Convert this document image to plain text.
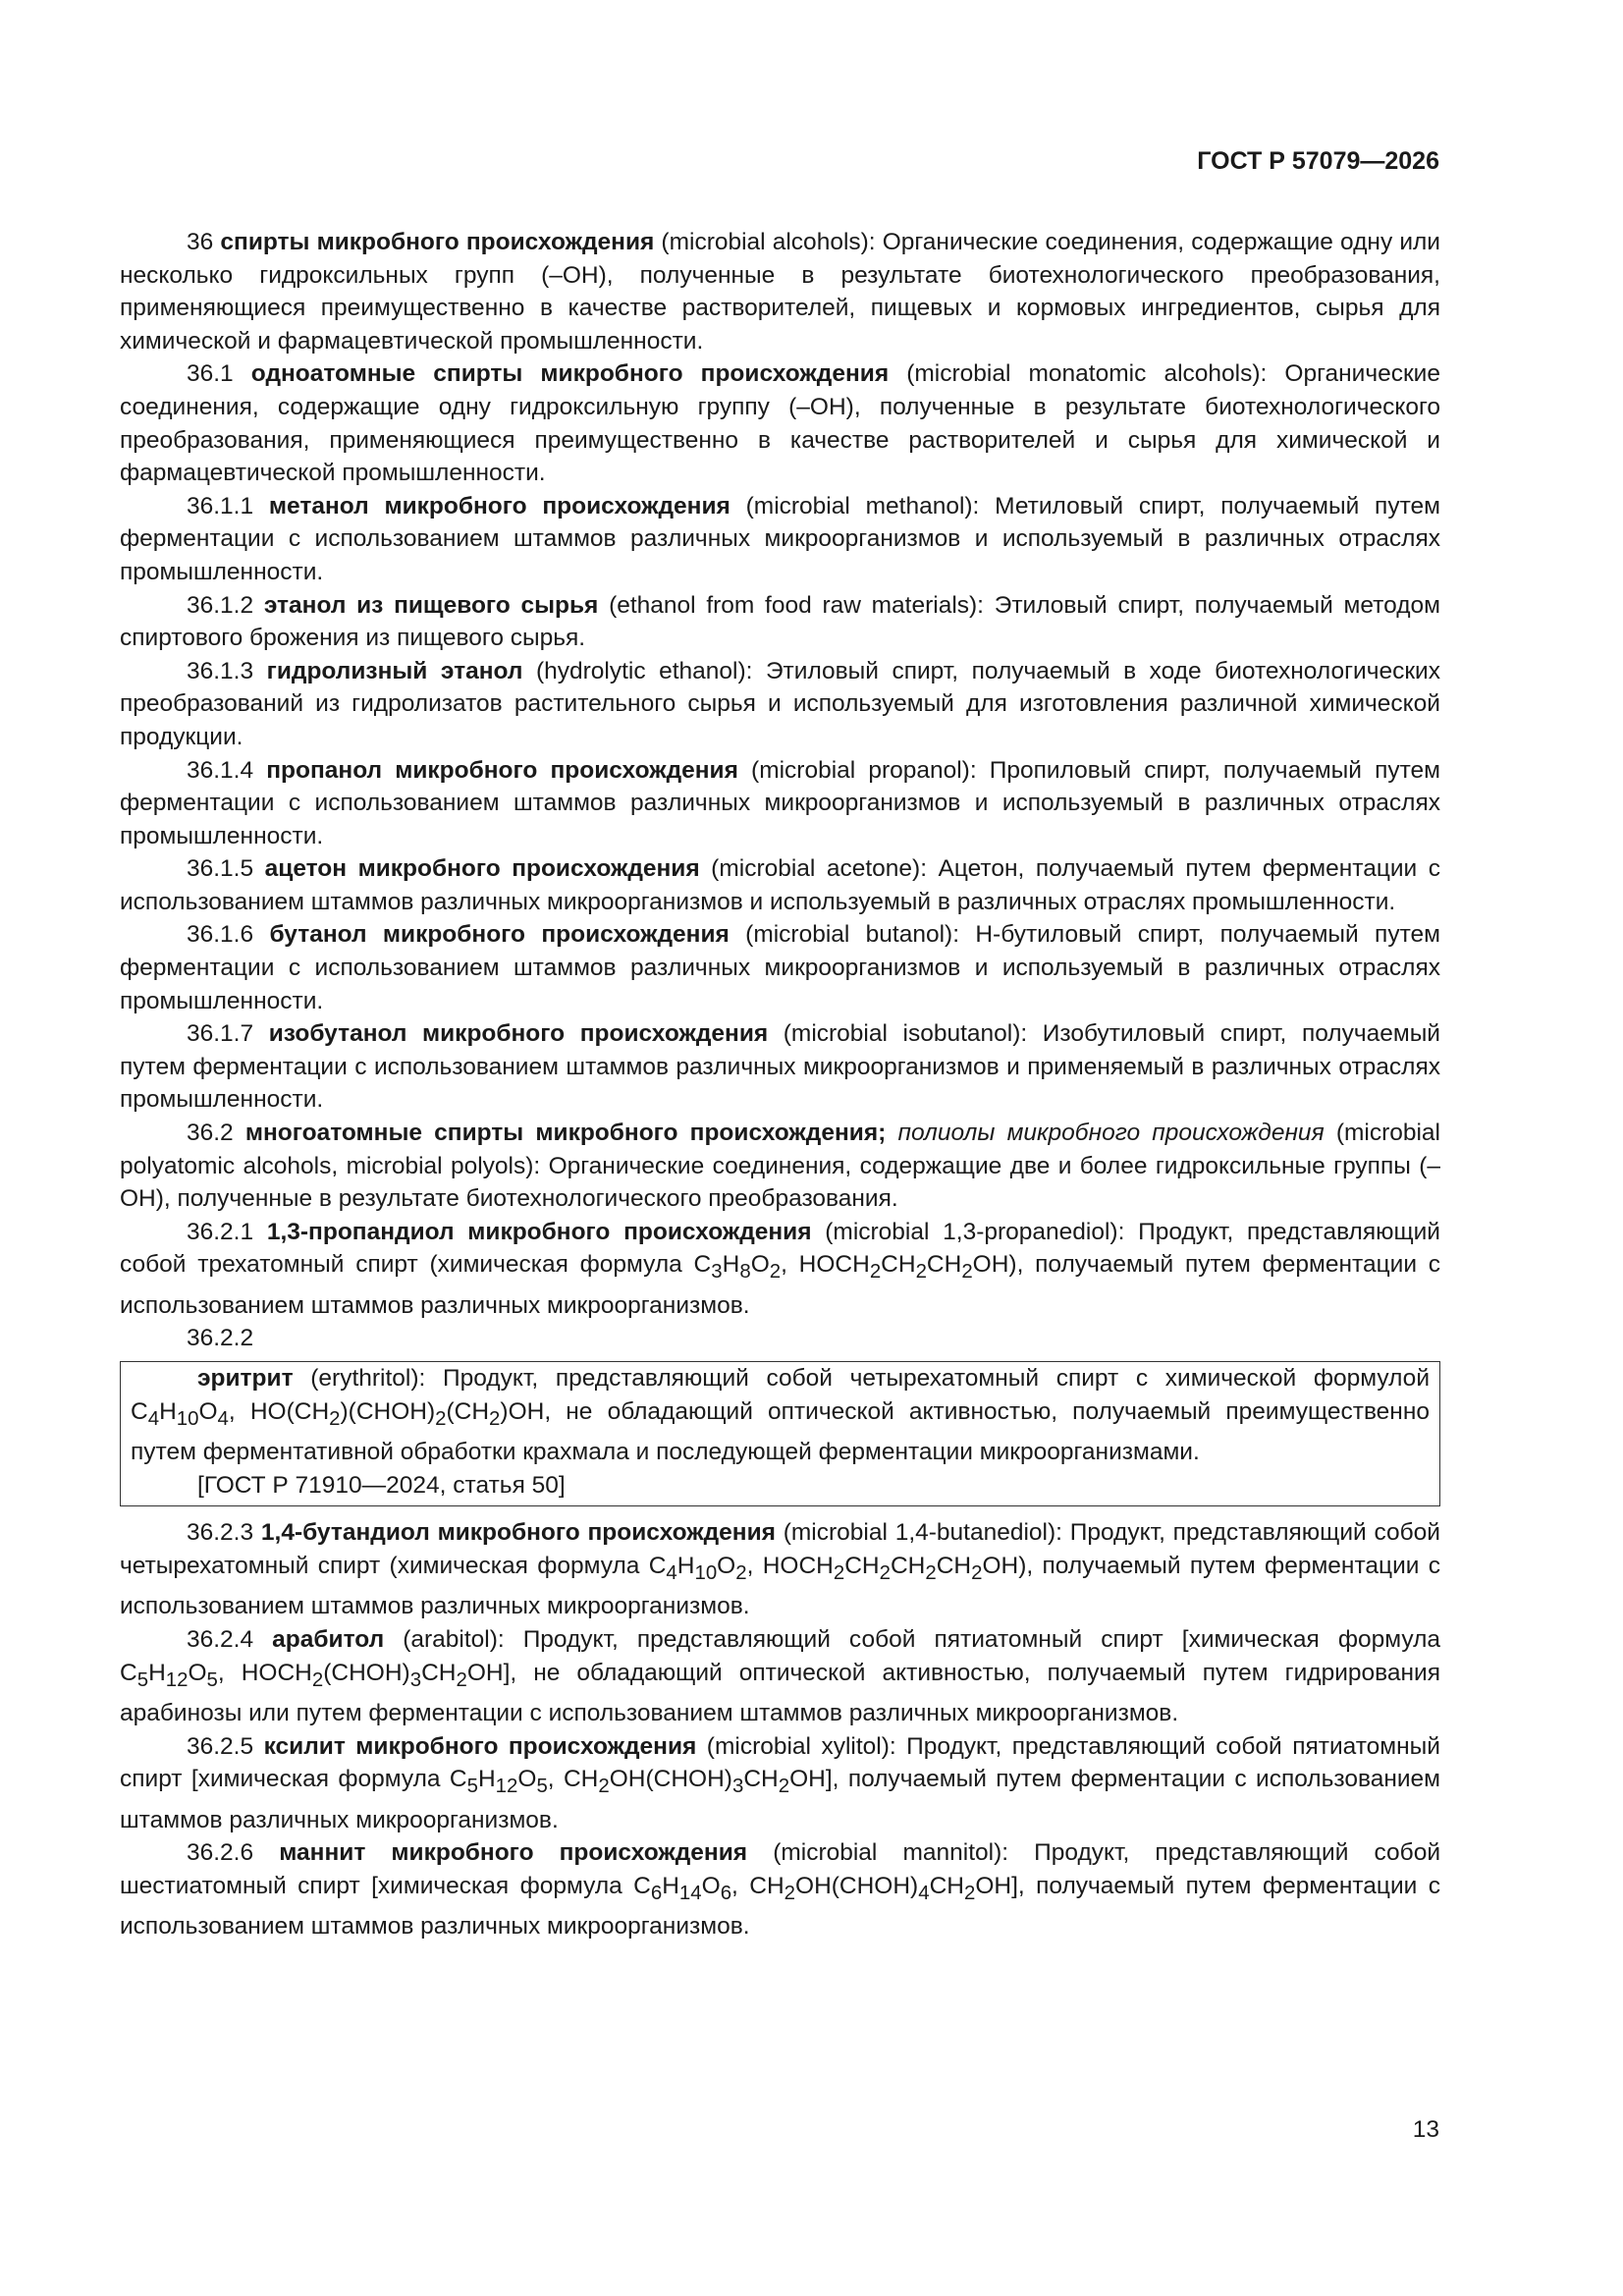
ГОСТ Р 57079—2026

36 спирты микробного происхождения (microbial alcohols): Органические соединения, содержащие одну или несколько гидроксильных групп (–OH), полученные в результате биотехнологического преобразования, применяющиеся преимущественно в качестве растворителей, пищевых и кормовых ингредиентов, сырья для химической и фармацевтической промышленности.

36.1 одноатомные спирты микробного происхождения (microbial monatomic alcohols): Органические соединения, содержащие одну гидроксильную группу (–OH), полученные в результате биотехнологического преобразования, применяющиеся преимущественно в качестве растворителей и сырья для химической и фармацевтической промышленности.

36.1.1 метанол микробного происхождения (microbial methanol): Метиловый спирт, получаемый путем ферментации с использованием штаммов различных микроорганизмов и используемый в различных отраслях промышленности.

36.1.2 этанол из пищевого сырья (ethanol from food raw materials): Этиловый спирт, получаемый методом спиртового брожения из пищевого сырья.

36.1.3 гидролизный этанол (hydrolytic ethanol): Этиловый спирт, получаемый в ходе биотехнологических преобразований из гидролизатов растительного сырья и используемый для изготовления различной химической продукции.

36.1.4 пропанол микробного происхождения (microbial propanol): Пропиловый спирт, получаемый путем ферментации с использованием штаммов различных микроорганизмов и используемый в различных отраслях промышленности.

36.1.5 ацетон микробного происхождения (microbial acetone): Ацетон, получаемый путем ферментации с использованием штаммов различных микроорганизмов и используемый в различных отраслях промышленности.

36.1.6 бутанол микробного происхождения (microbial butanol): Н-бутиловый спирт, получаемый путем ферментации с использованием штаммов различных микроорганизмов и используемый в различных отраслях промышленности.

36.1.7 изобутанол микробного происхождения (microbial isobutanol): Изобутиловый спирт, получаемый путем ферментации с использованием штаммов различных микроорганизмов и применяемый в различных отраслях промышленности.

36.2 многоатомные спирты микробного происхождения; полиолы микробного происхождения (microbial polyatomic alcohols, microbial polyols): Органические соединения, содержащие две и более гидроксильные группы (–OH), полученные в результате биотехнологического преобразования.

36.2.1 1,3-пропандиол микробного происхождения (microbial 1,3-propanediol): Продукт, представляющий собой трехатомный спирт (химическая формула $C_3H_8O_2$, $HOCH_2CH_2CH_2OH$), получаемый путем ферментации с использованием штаммов различных микроорганизмов.

36.2.2

эритрит (erythritol): Продукт, представляющий собой четырехатомный спирт с химической формулой $C_4H_{10}O_4$, $HO(CH_2)(CHOH)_2(CH_2)OH$, не обладающий оптической активностью, получаемый преимущественно путем ферментативной обработки крахмала и последующей ферментации микроорганизмами.

[ГОСТ Р 71910—2024, статья 50]

36.2.3 1,4-бутандиол микробного происхождения (microbial 1,4-butanediol): Продукт, представляющий собой четырехатомный спирт (химическая формула $C_4H_{10}O_2$, $HOCH_2CH_2CH_2CH_2OH$), получаемый путем ферментации с использованием штаммов различных микроорганизмов.

36.2.4 арабитол (arabitol): Продукт, представляющий собой пятиатомный спирт [химическая формула $C_5H_{12}O_5$, $HOCH_2(CHOH)_3CH_2OH$], не обладающий оптической активностью, получаемый путем гидрирования арабинозы или путем ферментации с использованием штаммов различных микроорганизмов.

36.2.5 ксилит микробного происхождения (microbial xylitol): Продукт, представляющий собой пятиатомный спирт [химическая формула $C_5H_{12}O_5$, $CH_2OH(CHOH)_3CH_2OH$], получаемый путем ферментации с использованием штаммов различных микроорганизмов.

36.2.6 маннит микробного происхождения (microbial mannitol): Продукт, представляющий собой шестиатомный спирт [химическая формула $C_6H_{14}O_6$, $CH_2OH(CHOH)_4CH_2OH$], получаемый путем ферментации с использованием штаммов различных микроорганизмов.

13
